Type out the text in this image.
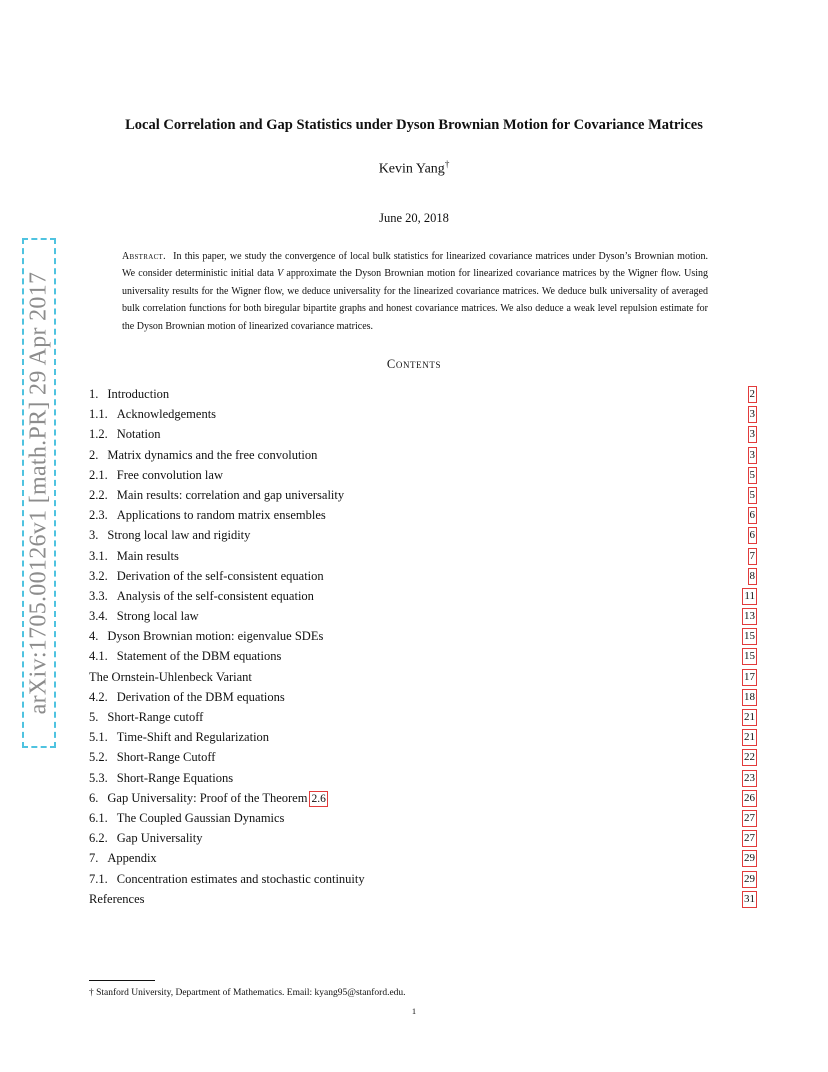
arXiv:1705.00126v1 [math.PR] 29 Apr 2017
Local Correlation and Gap Statistics under Dyson Brownian Motion for Covariance Matrices
Kevin Yang†
June 20, 2018
Abstract. In this paper, we study the convergence of local bulk statistics for linearized covariance matrices under Dyson’s Brownian motion. We consider deterministic initial data V approximate the Dyson Brownian motion for linearized covariance matrices by the Wigner flow. Using universality results for the Wigner flow, we deduce universality for the linearized covariance matrices. We deduce bulk universality of averaged bulk correlation functions for both biregular bipartite graphs and honest covariance matrices. We also deduce a weak level repulsion estimate for the Dyson Brownian motion of linearized covariance matrices.
Contents
1. Introduction	2
1.1. Acknowledgements	3
1.2. Notation	3
2. Matrix dynamics and the free convolution	3
2.1. Free convolution law	5
2.2. Main results: correlation and gap universality	5
2.3. Applications to random matrix ensembles	6
3. Strong local law and rigidity	6
3.1. Main results	7
3.2. Derivation of the self-consistent equation	8
3.3. Analysis of the self-consistent equation	11
3.4. Strong local law	13
4. Dyson Brownian motion: eigenvalue SDEs	15
4.1. Statement of the DBM equations	15
The Ornstein-Uhlenbeck Variant	17
4.2. Derivation of the DBM equations	18
5. Short-Range cutoff	21
5.1. Time-Shift and Regularization	21
5.2. Short-Range Cutoff	22
5.3. Short-Range Equations	23
6. Gap Universality: Proof of the Theorem 2.6	26
6.1. The Coupled Gaussian Dynamics	27
6.2. Gap Universality	27
7. Appendix	29
7.1. Concentration estimates and stochastic continuity	29
References	31
† Stanford University, Department of Mathematics. Email: kyang95@stanford.edu.
1
